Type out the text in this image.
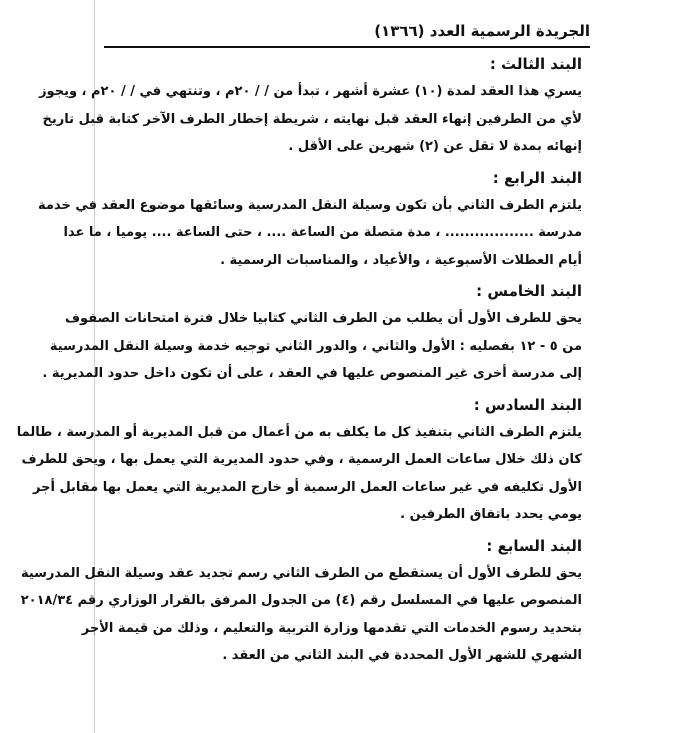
الجريدة الرسمية العدد (١٣٦٦)

البند الثالث :

يسري هذا العقد لمدة (١٠) عشرة أشهر ، تبدأ من / / ٢٠م ، وتنتهي في / / ٢٠م ، ويجوز

لأي من الطرفين إنهاء العقد قبل نهايته ، شريطة إخطار الطرف الآخر كتابة قبل تاريخ

إنهائه بمدة لا تقل عن (٢) شهرين على الأقل .

البند الرابع :

يلتزم الطرف الثاني بأن تكون وسيلة النقل المدرسية وسائقها موضوع العقد في خدمة

مدرسة .................. ، مدة متصلة من الساعة .... ، حتى الساعة .... يوميا ، ما عدا

أيام العطلات الأسبوعية ، والأعياد ، والمناسبات الرسمية .

البند الخامس :

يحق للطرف الأول أن يطلب من الطرف الثاني كتابيا خلال فترة امتحانات الصفوف

من ٥ - ١٢ بفصليه : الأول والثاني ، والدور الثاني توجيه خدمة وسيلة النقل المدرسية

إلى مدرسة أخرى غير المنصوص عليها في العقد ، على أن تكون داخل حدود المديرية .

البند السادس :

يلتزم الطرف الثاني بتنفيذ كل ما يكلف به من أعمال من قبل المديرية أو المدرسة ، طالما

كان ذلك خلال ساعات العمل الرسمية ، وفي حدود المديرية التي يعمل بها ، ويحق للطرف

الأول تكليفه في غير ساعات العمل الرسمية أو خارج المديرية التي يعمل بها مقابل أجر

يومي يحدد باتفاق الطرفين .

البند السابع :

يحق للطرف الأول أن يستقطع من الطرف الثاني رسم تجديد عقد وسيلة النقل المدرسية

المنصوص عليها في المسلسل رقم (٤) من الجدول المرفق بالقرار الوزاري رقم ٢٠١٨/٣٤

بتحديد رسوم الخدمات التي تقدمها وزارة التربية والتعليم ، وذلك من قيمة الأجر

الشهري للشهر الأول المحددة في البند الثاني من العقد .
